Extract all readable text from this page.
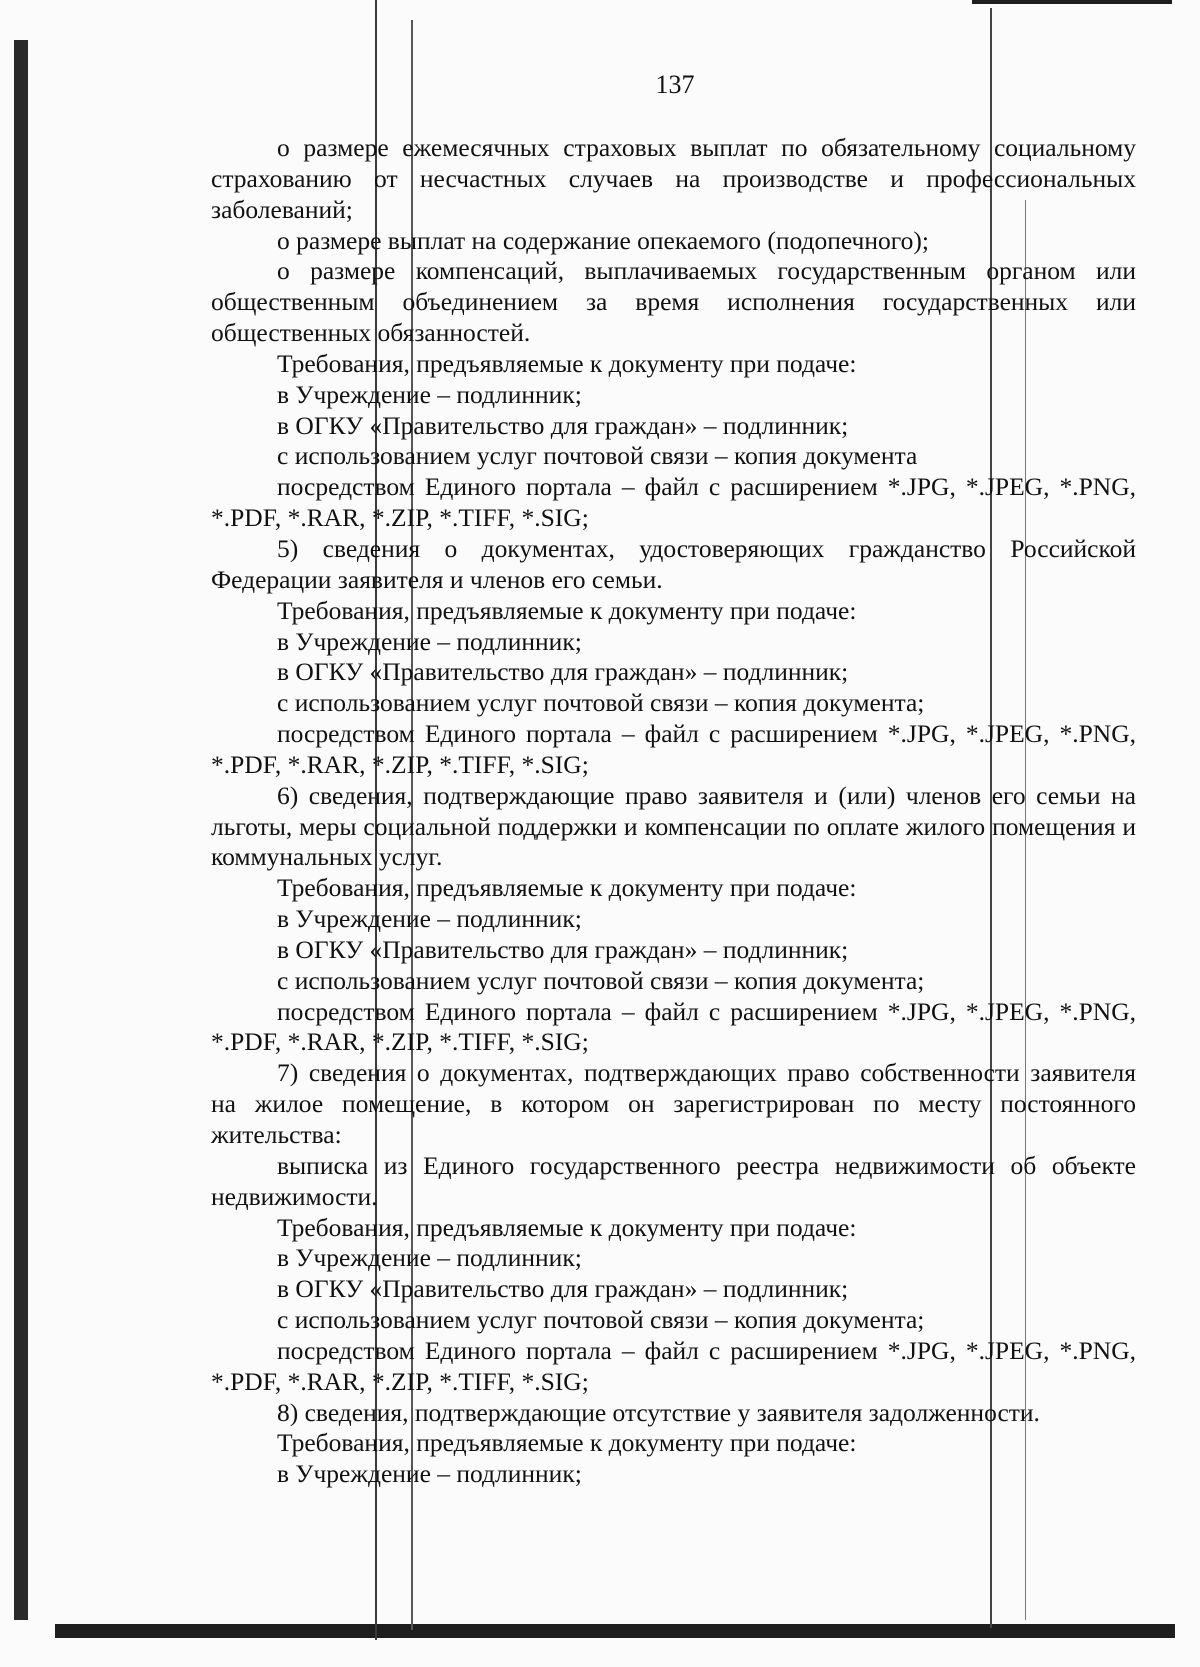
137

о размере ежемесячных страховых выплат по обязательному социальному страхованию от несчастных случаев на производстве и профессиональных заболеваний;

о размере выплат на содержание опекаемого (подопечного);

о размере компенсаций, выплачиваемых государственным органом или общественным объединением за время исполнения государственных или общественных обязанностей.

Требования, предъявляемые к документу при подаче:

в Учреждение – подлинник;

в ОГКУ «Правительство для граждан» – подлинник;

с использованием услуг почтовой связи – копия документа

посредством Единого портала – файл с расширением *.JPG, *.JPEG, *.PNG, *.PDF, *.RAR, *.ZIP, *.TIFF, *.SIG;

5) сведения о документах, удостоверяющих гражданство Российской Федерации заявителя и членов его семьи.

Требования, предъявляемые к документу при подаче:

в Учреждение – подлинник;

в ОГКУ «Правительство для граждан» – подлинник;

с использованием услуг почтовой связи – копия документа;

посредством Единого портала – файл с расширением *.JPG, *.JPEG, *.PNG, *.PDF, *.RAR, *.ZIP, *.TIFF, *.SIG;

6) сведения, подтверждающие право заявителя и (или) членов его семьи на льготы, меры социальной поддержки и компенсации по оплате жилого помещения и коммунальных услуг.

Требования, предъявляемые к документу при подаче:

в Учреждение – подлинник;

в ОГКУ «Правительство для граждан» – подлинник;

с использованием услуг почтовой связи – копия документа;

посредством Единого портала – файл с расширением *.JPG, *.JPEG, *.PNG, *.PDF, *.RAR, *.ZIP, *.TIFF, *.SIG;

7) сведения о документах, подтверждающих право собственности заявителя на жилое помещение, в котором он зарегистрирован по месту постоянного жительства:

выписка из Единого государственного реестра недвижимости об объекте недвижимости.

Требования, предъявляемые к документу при подаче:

в Учреждение – подлинник;

в ОГКУ «Правительство для граждан» – подлинник;

с использованием услуг почтовой связи – копия документа;

посредством Единого портала – файл с расширением *.JPG, *.JPEG, *.PNG, *.PDF, *.RAR, *.ZIP, *.TIFF, *.SIG;

8) сведения, подтверждающие отсутствие у заявителя задолженности.

Требования, предъявляемые к документу при подаче:

в Учреждение – подлинник;
